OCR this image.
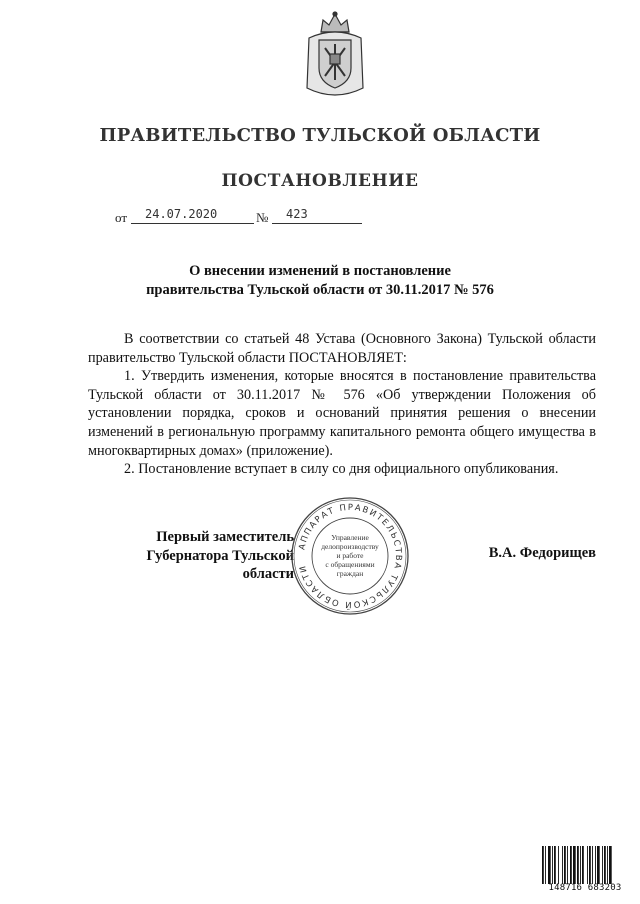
ПРАВИТЕЛЬСТВО ТУЛЬСКОЙ ОБЛАСТИ
ПОСТАНОВЛЕНИЕ
от 24.07.2020	№ 423
О внесении изменений в постановление
правительства Тульской области от 30.11.2017 № 576

В соответствии со статьей 48 Устава (Основного Закона) Тульской области правительство Тульской области ПОСТАНОВЛЯЕТ:

1. Утвердить изменения, которые вносятся в постановление правительства Тульской области от 30.11.2017 № 576 «Об утверждении Положения об установлении порядка, сроков и оснований принятия решения о внесении изменений в региональную программу капитального ремонта общего имущества в многоквартирных домах» (приложение).

2. Постановление вступает в силу со дня официального опубликования.

Первый заместитель
Губернатора Тульской области
АППАРАТ ПРАВИТЕЛЬСТВА ТУЛЬСКОЙ ОБЛАСТИ
Управление
делопроизводству
и работе
с обращениями
граждан
В.А. Федорищев
148716 683203
